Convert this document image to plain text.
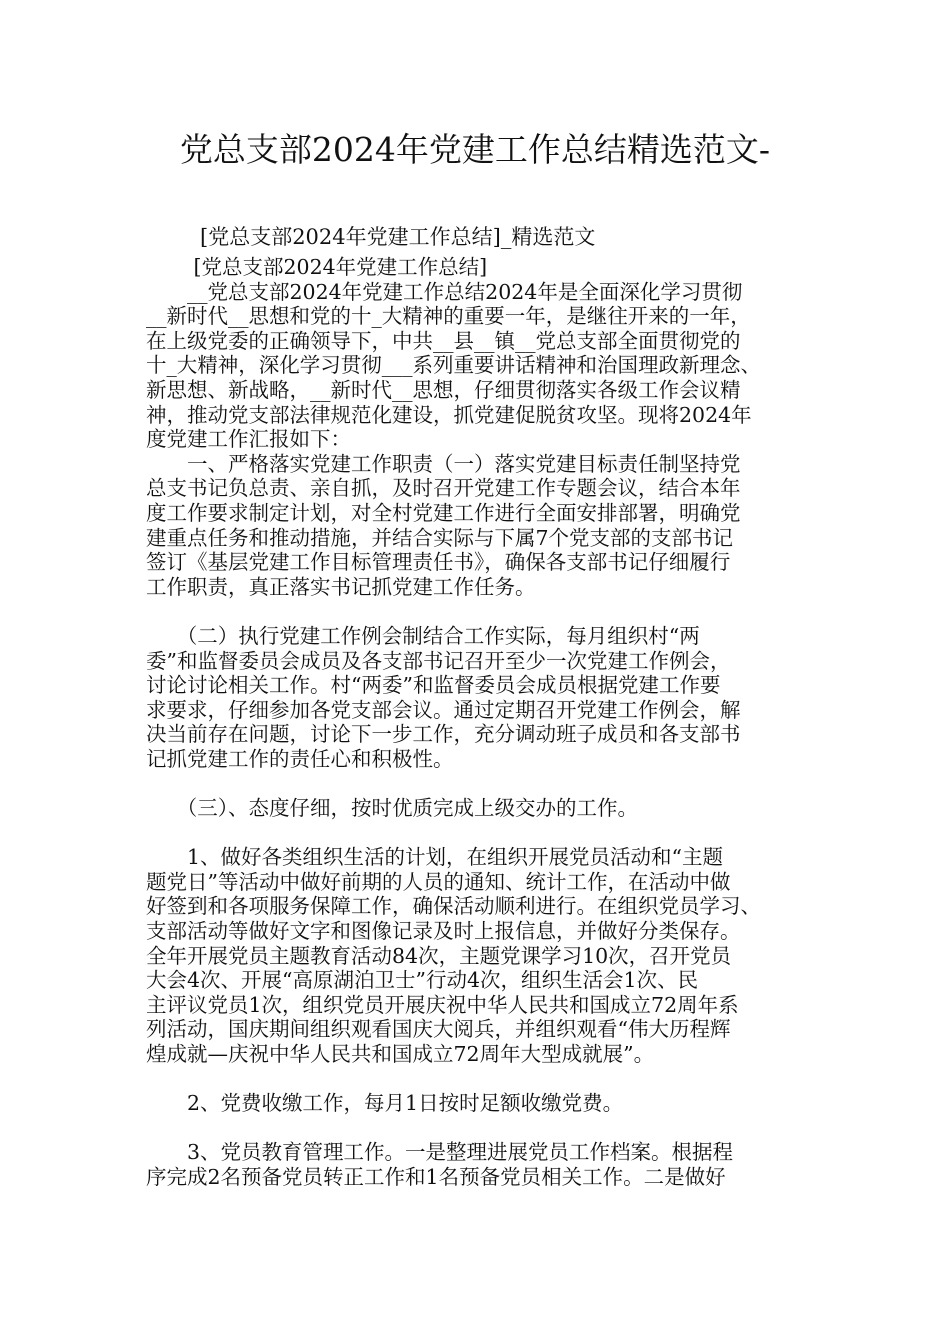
党总支部2024年党建工作总结精选范文-
[党总支部2024年党建工作总结]_精选范文

　　 [党总支部2024年党建工作总结]

　　__党总支部2024年党建工作总结2024年是全面深化学习贯彻

__新时代__思想和党的十_大精神的重要一年，是继往开来的一年，

在上级党委的正确领导下，中共__县__镇__党总支部全面贯彻党的

十_大精神，深化学习贯彻___系列重要讲话精神和治国理政新理念、

新思想、新战略，__新时代__思想，仔细贯彻落实各级工作会议精

神，推动党支部法律规范化建设，抓党建促脱贫攻坚。现将2024年

度党建工作汇报如下：

　　一、严格落实党建工作职责（一）落实党建目标责任制坚持党

总支书记负总责、亲自抓，及时召开党建工作专题会议，结合本年

度工作要求制定计划，对全村党建工作进行全面安排部署，明确党

建重点任务和推动措施，并结合实际与下属7个党支部的支部书记

签订《基层党建工作目标管理责任书》，确保各支部书记仔细履行

工作职责，真正落实书记抓党建工作任务。

　　（二）执行党建工作例会制结合工作实际，每月组织村“两

委”和监督委员会成员及各支部书记召开至少一次党建工作例会，

讨论讨论相关工作。村“两委”和监督委员会成员根据党建工作要

求要求，仔细参加各党支部会议。通过定期召开党建工作例会，解

决当前存在问题，讨论下一步工作，充分调动班子成员和各支部书

记抓党建工作的责任心和积极性。

　　（三）、态度仔细，按时优质完成上级交办的工作。

　　1、做好各类组织生活的计划，在组织开展党员活动和“主题

题党日”等活动中做好前期的人员的通知、统计工作，在活动中做

好签到和各项服务保障工作，确保活动顺利进行。在组织党员学习、

支部活动等做好文字和图像记录及时上报信息，并做好分类保存。

全年开展党员主题教育活动84次，主题党课学习10次，召开党员

大会4次、开展“高原湖泊卫士”行动4次，组织生活会1次、民

主评议党员1次，组织党员开展庆祝中华人民共和国成立72周年系

列活动，国庆期间组织观看国庆大阅兵，并组织观看“伟大历程辉

煌成就—庆祝中华人民共和国成立72周年大型成就展”。

　　2、党费收缴工作，每月1日按时足额收缴党费。

　　3、党员教育管理工作。一是整理进展党员工作档案。根据程

序完成2名预备党员转正工作和1名预备党员相关工作。二是做好
